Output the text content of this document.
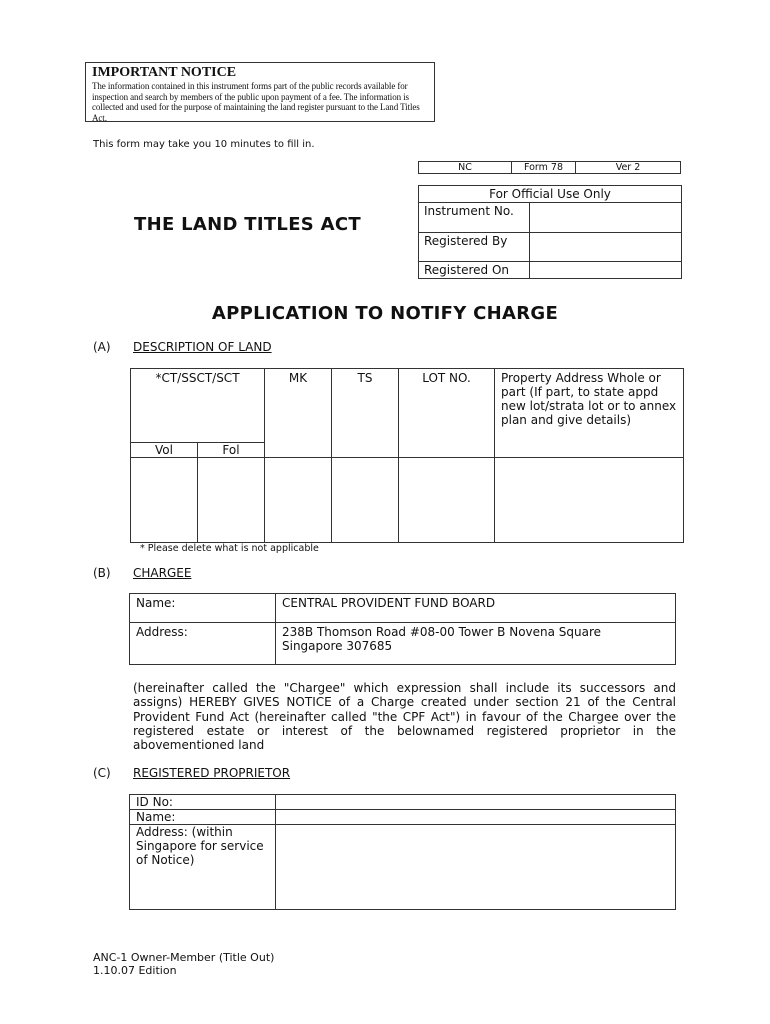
IMPORTANT NOTICE
The information contained in this instrument forms part of the public records available for inspection and search by members of the public upon payment of a fee. The information is collected and used for the purpose of maintaining the land register pursuant to the Land Titles Act.
This form may take you 10 minutes to fill in.
NC	Form 78	Ver 2
For Official Use Only	
Instrument No.	
Registered By	
Registered On	
THE LAND TITLES ACT
APPLICATION TO NOTIFY CHARGE
(A) DESCRIPTION OF LAND
*CT/SSCT/SCT		MK	TS	LOT NO.	Property Address Whole or part (If part, to state appd new lot/strata lot or to annex plan and give details)
Vol	Fol				

* Please delete what is not applicable
(B) CHARGEE
Name:	CENTRAL PROVIDENT FUND BOARD
Address:	238B Thomson Road #08-00 Tower B Novena Square
Singapore 307685
(hereinafter called the "Chargee" which expression shall include its successors and assigns) HEREBY GIVES NOTICE of a Charge created under section 21 of the Central Provident Fund Act (hereinafter called "the CPF Act") in favour of the Chargee over the registered estate or interest of the belownamed registered proprietor in the abovementioned land
(C) REGISTERED PROPRIETOR
ID No:	
Name:	
Address: (within Singapore for service of Notice)	
ANC-1 Owner-Member (Title Out)
1.10.07 Edition
